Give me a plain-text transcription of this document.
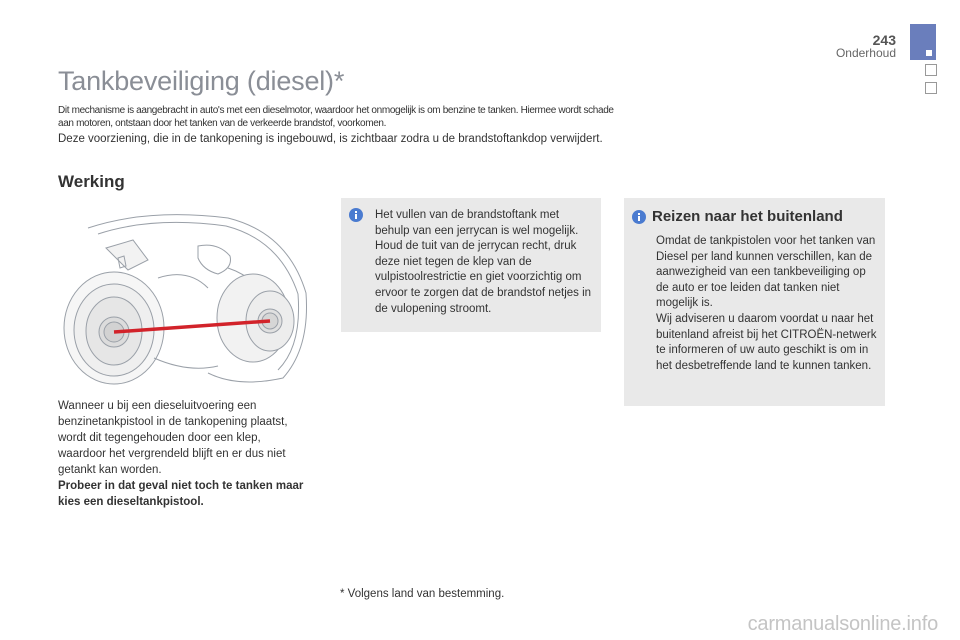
243
Onderhoud
Tankbeveiliging (diesel)*
Dit mechanisme is aangebracht in auto's met een dieselmotor, waardoor het onmogelijk is om benzine te tanken. Hiermee wordt schade aan motoren, ontstaan door het tanken van de verkeerde brandstof, voorkomen.
Deze voorziening, die in de tankopening is ingebouwd, is zichtbaar zodra u de brandstoftankdop verwijdert.
Werking
Wanneer u bij een dieseluitvoering een benzinetankpistool in de tankopening plaatst, wordt dit tegengehouden door een klep, waardoor het vergrendeld blijft en er dus niet getankt kan worden.
Probeer in dat geval niet toch te tanken maar kies een dieseltankpistool.
Het vullen van de brandstoftank met behulp van een jerrycan is wel mogelijk. Houd de tuit van de jerrycan recht, druk deze niet tegen de klep van de vulpistoolrestrictie en giet voorzichtig om ervoor te zorgen dat de brandstof netjes in de vulopening stroomt.
Reizen naar het buitenland
Omdat de tankpistolen voor het tanken van Diesel per land kunnen verschillen, kan de aanwezigheid van een tankbeveiliging op de auto er toe leiden dat tanken niet mogelijk is.
Wij adviseren u daarom voordat u naar het buitenland afreist bij het CITROËN-netwerk te informeren of uw auto geschikt is om in het desbetreffende land te kunnen tanken.
* Volgens land van bestemming.
carmanualsonline.info
